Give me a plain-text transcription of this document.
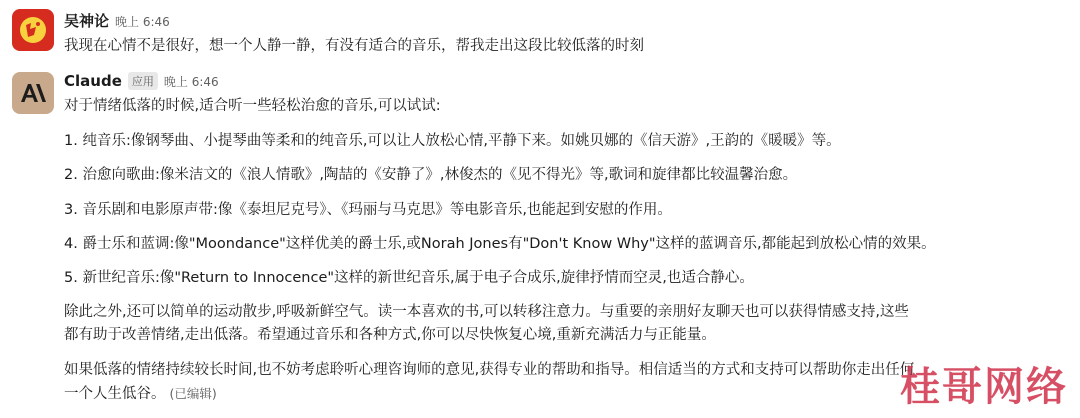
吴神论 晚上 6:46
我现在心情不是很好，想一个人静一静，有没有适合的音乐，帮我走出这段比较低落的时刻
Claude 应用 晚上 6:46
对于情绪低落的时候,适合听一些轻松治愈的音乐,可以试试:
1. 纯音乐:像钢琴曲、小提琴曲等柔和的纯音乐,可以让人放松心情,平静下来。如姚贝娜的《信天游》,王韵的《暖暖》等。
2. 治愈向歌曲:像米洁文的《浪人情歌》,陶喆的《安静了》,林俊杰的《见不得光》等,歌词和旋律都比较温馨治愈。
3. 音乐剧和电影原声带:像《泰坦尼克号》、《玛丽与马克思》等电影音乐,也能起到安慰的作用。
4. 爵士乐和蓝调:像"Moondance"这样优美的爵士乐,或Norah Jones有"Don't Know Why"这样的蓝调音乐,都能起到放松心情的效果。
5. 新世纪音乐:像"Return to Innocence"这样的新世纪音乐,属于电子合成乐,旋律抒情而空灵,也适合静心。
除此之外,还可以简单的运动散步,呼吸新鲜空气。读一本喜欢的书,可以转移注意力。与重要的亲朋好友聊天也可以获得情感支持,这些
都有助于改善情绪,走出低落。希望通过音乐和各种方式,你可以尽快恢复心境,重新充满活力与正能量。
如果低落的情绪持续较长时间,也不妨考虑聆听心理咨询师的意见,获得专业的帮助和指导。相信适当的方式和支持可以帮助你走出任何
一个人生低谷。 (已编辑)	桂哥网络
